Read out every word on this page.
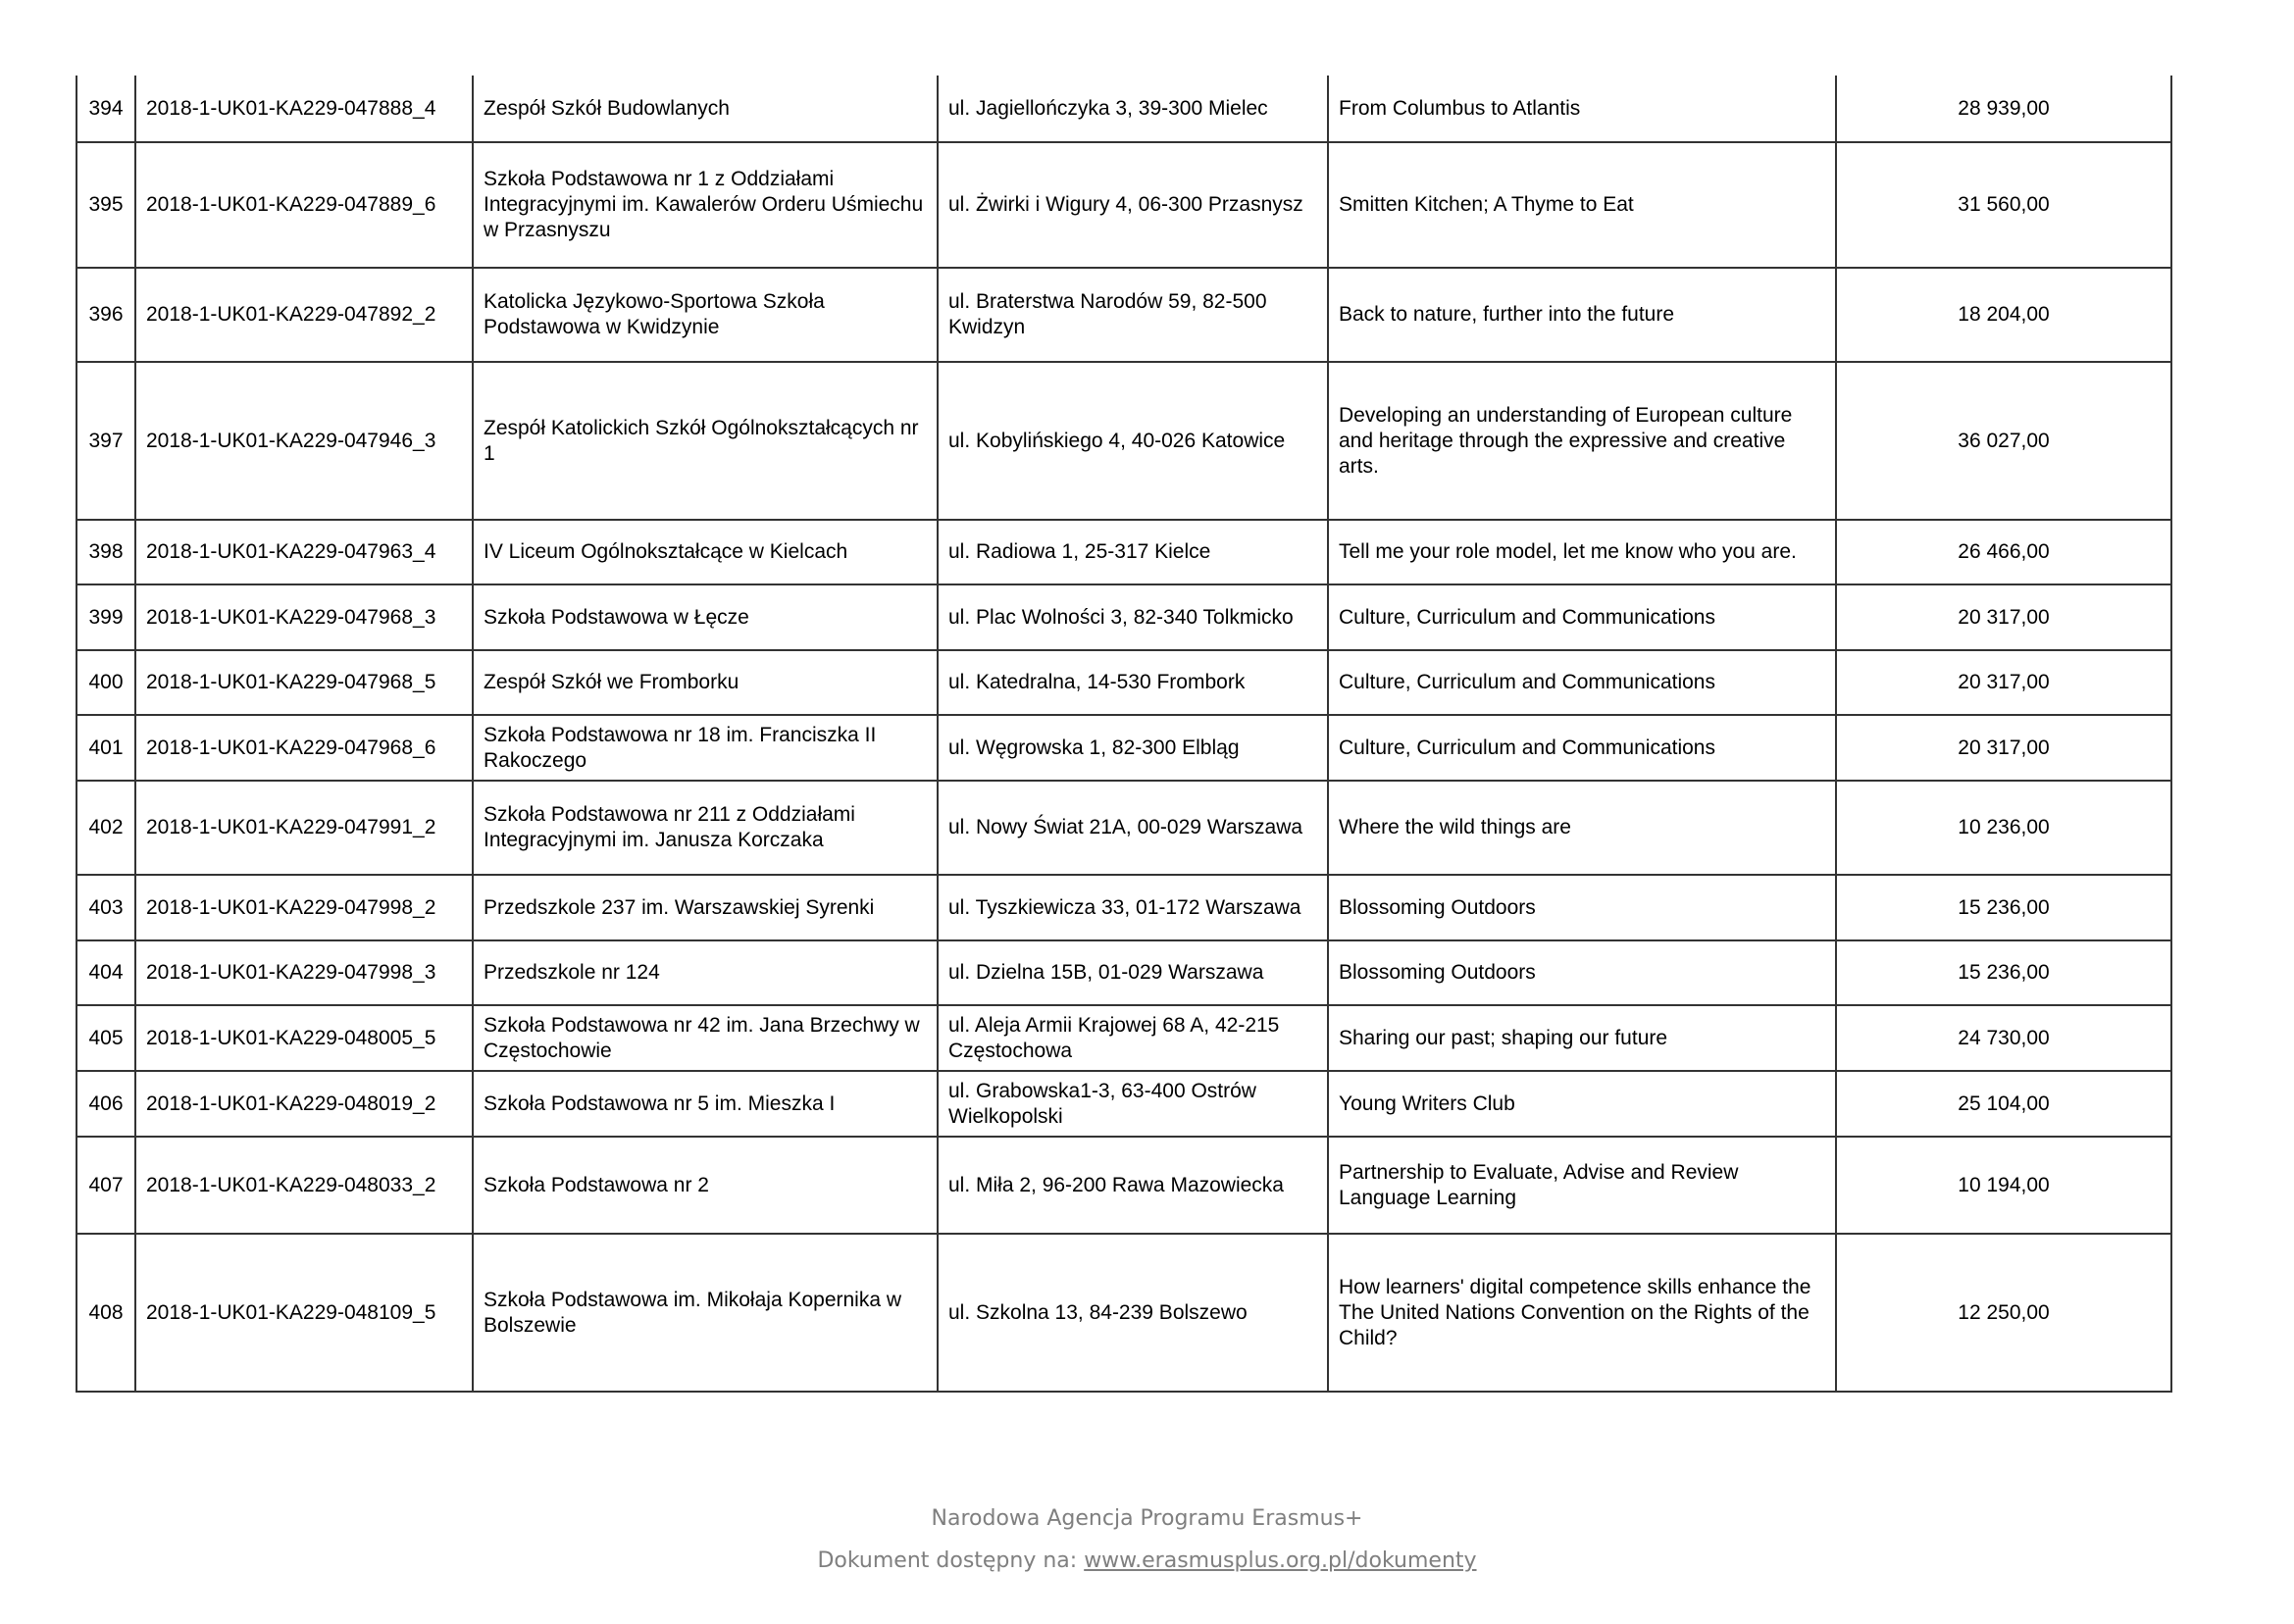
394	2018-1-UK01-KA229-047888_4	Zespół Szkół Budowlanych	ul. Jagiellończyka 3, 39-300 Mielec	From Columbus to Atlantis	28 939,00
395	2018-1-UK01-KA229-047889_6	Szkoła Podstawowa nr 1 z Oddziałami Integracyjnymi im. Kawalerów Orderu Uśmiechu w Przasnyszu	ul. Żwirki i Wigury 4, 06-300 Przasnysz	Smitten Kitchen; A Thyme to Eat	31 560,00
396	2018-1-UK01-KA229-047892_2	Katolicka Językowo-Sportowa Szkoła Podstawowa w Kwidzynie	ul. Braterstwa Narodów 59, 82-500 Kwidzyn	Back to nature, further into the future	18 204,00
397	2018-1-UK01-KA229-047946_3	Zespół Katolickich Szkół Ogólnokształcących nr 1	ul. Kobylińskiego 4, 40-026 Katowice	Developing an understanding of European culture and heritage through the expressive and creative arts.	36 027,00
398	2018-1-UK01-KA229-047963_4	IV Liceum Ogólnokształcące w Kielcach	ul. Radiowa 1, 25-317 Kielce	Tell me your role model, let me know who you are.	26 466,00
399	2018-1-UK01-KA229-047968_3	Szkoła Podstawowa w Łęcze	ul. Plac Wolności 3, 82-340 Tolkmicko	Culture, Curriculum and Communications	20 317,00
400	2018-1-UK01-KA229-047968_5	Zespół Szkół we Fromborku	ul. Katedralna, 14-530 Frombork	Culture, Curriculum and Communications	20 317,00
401	2018-1-UK01-KA229-047968_6	Szkoła Podstawowa nr 18 im. Franciszka II Rakoczego	ul. Węgrowska 1, 82-300 Elbląg	Culture, Curriculum and Communications	20 317,00
402	2018-1-UK01-KA229-047991_2	Szkoła Podstawowa nr 211 z Oddziałami Integracyjnymi im. Janusza Korczaka	ul. Nowy Świat 21A, 00-029 Warszawa	Where the wild things are	10 236,00
403	2018-1-UK01-KA229-047998_2	Przedszkole 237 im. Warszawskiej Syrenki	ul. Tyszkiewicza 33, 01-172 Warszawa	Blossoming Outdoors	15 236,00
404	2018-1-UK01-KA229-047998_3	Przedszkole nr 124	ul. Dzielna 15B, 01-029 Warszawa	Blossoming Outdoors	15 236,00
405	2018-1-UK01-KA229-048005_5	Szkoła Podstawowa nr 42 im. Jana Brzechwy w Częstochowie	ul. Aleja Armii Krajowej 68 A, 42-215 Częstochowa	Sharing our past; shaping our future	24 730,00
406	2018-1-UK01-KA229-048019_2	Szkoła Podstawowa nr 5 im. Mieszka I	ul. Grabowska1-3, 63-400 Ostrów Wielkopolski	Young Writers Club	25 104,00
407	2018-1-UK01-KA229-048033_2	Szkoła Podstawowa nr 2	ul. Miła 2, 96-200 Rawa Mazowiecka	Partnership to Evaluate, Advise and Review Language Learning	10 194,00
408	2018-1-UK01-KA229-048109_5	Szkoła Podstawowa im. Mikołaja Kopernika w Bolszewie	ul. Szkolna 13, 84-239 Bolszewo	How learners' digital competence skills enhance the The United Nations Convention on the Rights of the Child?	12 250,00
Narodowa Agencja Programu Erasmus+
Dokument dostępny na: www.erasmusplus.org.pl/dokumenty
